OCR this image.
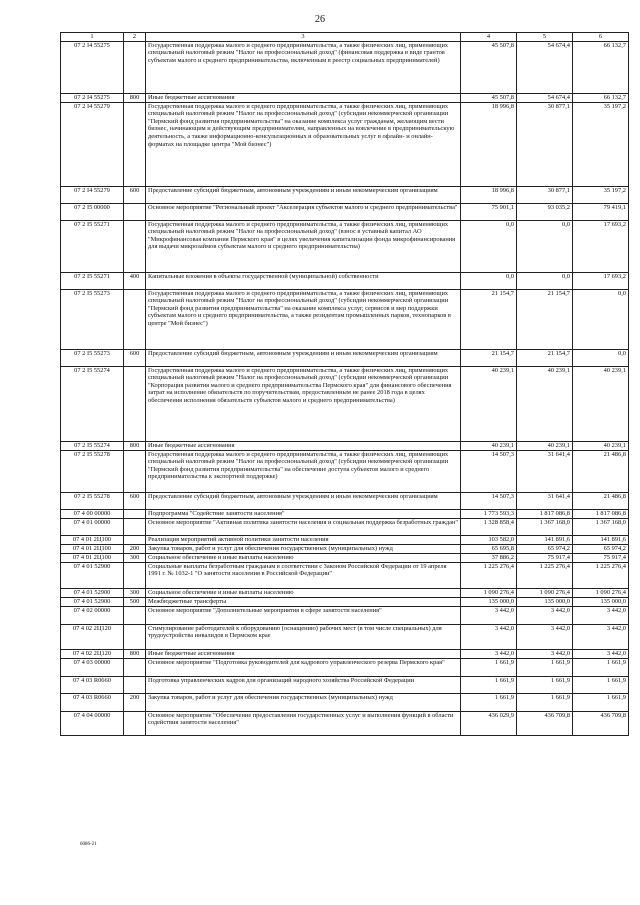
26
1	2	3	4	5	6
07 2 I4 55275		Государственная поддержка малого и среднего предпринимательства, а также физических лиц, применяющих специальный налоговый режим "Налог на профессиональный доход" (финансовая поддержка в виде грантов субъектам малого и среднего предпринимательства, включенным в реестр социальных предпринимателей)	45 507,8	54 674,4	66 132,7
07 2 I4 55275	800	Иные бюджетные ассигнования	45 507,8	54 674,4	66 132,7
07 2 I4 55279		Государственная поддержка малого и среднего предпринимательства, а также физических лиц, применяющих специальный налоговый режим "Налог на профессиональный доход" (субсидии некоммерческой организации "Пермский фонд развития предпринимательства" на оказание комплекса услуг гражданам, желающим вести бизнес, начинающим и действующим предпринимателям, направленных на вовлечение в предпринимательскую деятельность, а также информационно-консультационных и образовательных услуг в офлайн- и онлайн-форматах на площадке центра "Мой бизнес")	18 996,8	30 877,1	35 197,2
07 2 I4 55279	600	Предоставление субсидий бюджетным, автономным учреждениям и иным некоммерческим организациям	18 996,8	30 877,1	35 197,2
07 2 I5 00000		Основное мероприятие "Региональный проект "Акселерация субъектов малого и среднего предпринимательства"	75 901,1	93 035,2	79 419,1
07 2 I5 55271		Государственная поддержка малого и среднего предпринимательства, а также физических лиц, применяющих специальный налоговый режим "Налог на профессиональный доход" (взнос в уставный капитал АО "Микрофинансовая компания Пермского края" в целях увеличения капитализации фонда микрофинансирования для выдачи микрозаймов субъектам малого и среднего предпринимательства)	0,0	0,0	17 693,2
07 2 I5 55271	400	Капитальные вложения в объекты государственной (муниципальной) собственности	0,0	0,0	17 693,2
07 2 I5 55273		Государственная поддержка малого и среднего предпринимательства, а также физических лиц, применяющих специальный налоговый режим "Налог на профессиональный доход" (субсидии некоммерческой организации "Пермский фонд развития предпринимательства" на оказание комплекса услуг, сервисов и мер поддержки субъектам малого и среднего предпринимательства, а также резидентам промышленных парков, технопарков в центре "Мой бизнес")	21 154,7	21 154,7	0,0
07 2 I5 55273	600	Предоставление субсидий бюджетным, автономным учреждениям и иным некоммерческим организациям	21 154,7	21 154,7	0,0
07 2 I5 55274		Государственная поддержка малого и среднего предпринимательства, а также физических лиц, применяющих специальный налоговый режим "Налог на профессиональный доход" (субсидии некоммерческой организации "Корпорация развития малого и среднего предпринимательства Пермского края" для финансового обеспечения затрат на исполнение обязательств по поручительствам, предоставленным не ранее 2018 года в целях обеспечения исполнения обязательств субъектов малого и среднего предпринимательства)	40 239,1	40 239,1	40 239,1
07 2 I5 55274	800	Иные бюджетные ассигнования	40 239,1	40 239,1	40 239,1
07 2 I5 55278		Государственная поддержка малого и среднего предпринимательства, а также физических лиц, применяющих специальный налоговый режим "Налог на профессиональный доход" (субсидии некоммерческой организации "Пермский фонд развития предпринимательства" на обеспечение доступа субъектов малого и среднего предпринимательства к экспортной поддержке)	14 507,3	31 641,4	21 486,8
07 2 I5 55278	600	Предоставление субсидий бюджетным, автономным учреждениям и иным некоммерческим организациям	14 507,3	31 641,4	21 486,8
07 4 00 00000		Подпрограмма "Содействие занятости населения"	1 773 593,3	1 817 086,8	1 817 086,8
07 4 01 00000		Основное мероприятие "Активная политика занятости населения и социальная поддержка безработных граждан"	1 328 858,4	1 367 168,0	1 367 168,0
07 4 01 2Ц100		Реализация мероприятий активной политики занятости населения	103 582,0	141 891,6	141 891,6
07 4 01 2Ц100	200	Закупка товаров, работ и услуг для обеспечения государственных (муниципальных) нужд	65 695,8	65 974,2	65 974,2
07 4 01 2Ц100	300	Социальное обеспечение и иные выплаты населению	37 886,2	75 917,4	75 917,4
07 4 01 52900		Социальные выплаты безработным гражданам в соответствии с Законом Российской Федерации от 19 апреля 1991 г. № 1032-1 "О занятости населения в Российской Федерации"	1 225 276,4	1 225 276,4	1 225 276,4
07 4 01 52900	300	Социальное обеспечение и иные выплаты населению	1 090 276,4	1 090 276,4	1 090 276,4
07 4 01 52900	500	Межбюджетные трансферты	135 000,0	135 000,0	135 000,0
07 4 02 00000		Основное мероприятие "Дополнительные мероприятия в сфере занятости населения"	3 442,0	3 442,0	3 442,0
07 4 02 2Ц120		Стимулирование работодателей к оборудованию (оснащению) рабочих мест (в том числе специальных) для трудоустройства инвалидов в Пермском крае	3 442,0	3 442,0	3 442,0
07 4 02 2Ц120	800	Иные бюджетные ассигнования	3 442,0	3 442,0	3 442,0
07 4 03 00000		Основное мероприятие "Подготовка руководителей для кадрового управленческого резерва Пермского края"	1 661,9	1 661,9	1 661,9
07 4 03 R0660		Подготовка управленческих кадров для организаций народного хозяйства Российской Федерации	1 661,9	1 661,9	1 661,9
07 4 03 R0660	200	Закупка товаров, работ и услуг для обеспечения государственных (муниципальных) нужд	1 661,9	1 661,9	1 661,9
07 4 04 00000		Основное мероприятие "Обеспечение предоставления государственных услуг и выполнения функций в области содействия занятости населения"	436 029,9	436 709,8	436 709,8
6086-21
